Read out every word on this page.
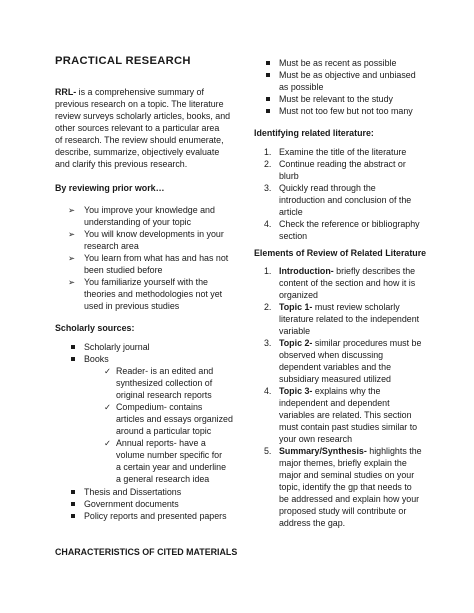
PRACTICAL RESEARCH
RRL- is a comprehensive summary of
previous research on a topic. The literature
review surveys scholarly articles, books, and
other sources relevant to a particular area
of research. The review should enumerate,
describe, summarize, objectively evaluate
and clarify this previous research.
By reviewing prior work…
➢ You improve your knowledge and
understanding of your topic
➢ You will know developments in your
research area
➢ You learn from what has and has not
been studied before
➢ You familiarize yourself with the
theories and methodologies not yet
used in previous studies
Scholarly sources:
Scholarly journal
Books
✓ Reader- is an edited and
synthesized collection of
original research reports
✓ Compedium- contains
articles and essays organized
around a particular topic
✓ Annual reports- have a
volume number specific for
a certain year and underline
a general research idea
Thesis and Dissertations
Government documents
Policy reports and presented papers
CHARACTERISTICS OF CITED MATERIALS
Must be as recent as possible
Must be as objective and unbiased
as possible
Must be relevant to the study
Must not too few but not too many
Identifying related literature:
1. Examine the title of the literature
2. Continue reading the abstract or
blurb
3. Quickly read through the
introduction and conclusion of the
article
4. Check the reference or bibliography
section
Elements of Review of Related Literature
1. Introduction- briefly describes the
content of the section and how it is
organized
2. Topic 1- must review scholarly
literature related to the independent
variable
3. Topic 2- similar procedures must be
observed when discussing
dependent variables and the
subsidiary measured utilized
4. Topic 3- explains why the
independent and dependent
variables are related. This section
must contain past studies similar to
your own research
5. Summary/Synthesis- highlights the
major themes, briefly explain the
major and seminal studies on your
topic, identify the gp that needs to
be addressed and explain how your
proposed study will contribute or
address the gap.
